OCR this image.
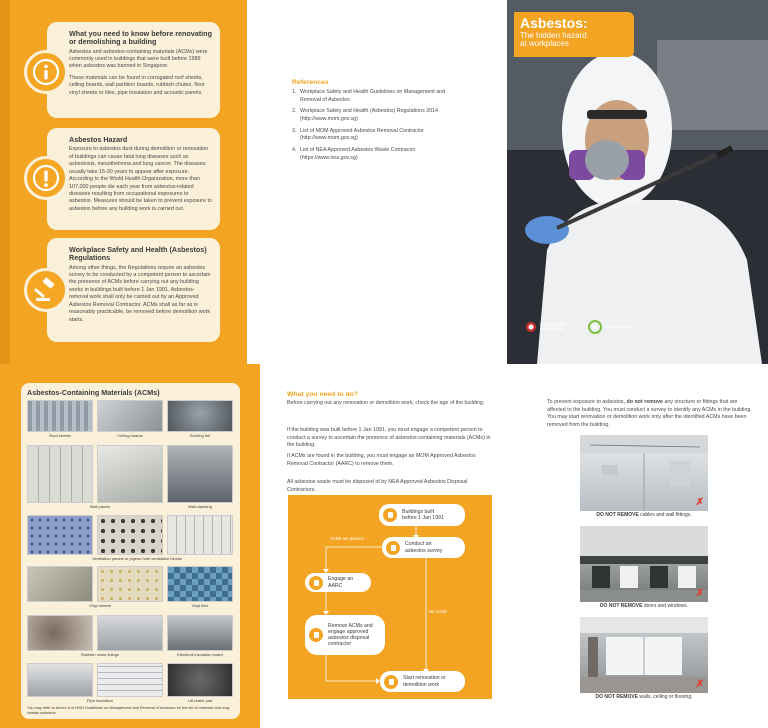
What you need to know before renovating or demolishing a building

Asbestos and asbestos-containing materials (ACMs) were commonly used in buildings that were built before 1989 when asbestos was banned in Singapore.

These materials can be found in corrugated roof sheets, ceiling boards, wall partition boards, rubbish chutes, floor vinyl sheets or tiles, pipe insulation and acoustic panels.

Asbestos Hazard

Exposure to asbestos dust during demolition or renovation of buildings can cause fatal lung diseases such as asbestosis, mesothelioma and lung cancer. The diseases usually take 15-30 years to appear after exposure. According to the World Health Organization, more than 107,000 people die each year from asbestos-related diseases resulting from occupational exposures to asbestos. Measures should be taken to prevent exposure to asbestos before any building work is carried out.

Workplace Safety and Health (Asbestos) Regulations

Among other things, the Regulations require an asbestos survey to be conducted by a competent person to ascertain the presence of ACMs before carrying out any building works in buildings built before 1 Jan 1991. Asbestos-removal work shall only be carried out by an Approved Asbestos Removal Contractor. ACMs shall as far as is reasonably practicable, be removed before demolition work starts.

References
1. Workplace Safety and Health Guidelines on Management and Removal of Asbestos
2. Workplace Safety and Health (Asbestos) Regulations 2014 (http://www.mom.gov.sg)
3. List of MOM Approved Asbestos Removal Contractor (http://www.mom.gov.sg)
4. List of NEA Approved Asbestos Waste Contractor (https://www.nea.gov.sg)
Asbestos:
The hidden hazard
at workplaces
MINISTRY OF
MANPOWER	WSHCOUNCIL
Asbestos-Containing Materials (ACMs)
Roof sheets	Ceiling boards	Roofing felt
Wall panels	Wall cladding
Ventilation panels or pigeon hole ventilation blocks
Vinyl sheets	Vinyl tiles
Rubbish chute linings	Electrical insulation board
Pipe insulation	Lift brake pad
You may refer to Annex A of WSH Guidelines on Management and Removal of Asbestos for the list of materials that may contain asbestos.
What you need to do?

Before carrying out any renovation or demolition work, check the age of the building.

If the building was built before 1 Jan 1991, you must engage a competent person to conduct a survey to ascertain the presence of asbestos-containing materials (ACMs) in the building.

If ACMs are found in the building, you must engage an MOM Approved Asbestos Removal Contractor (AARC) to remove them.

All asbestos waste must be disposed of by NEA Approved Asbestos Disposal Contractors.

Buildings built
before 1 Jan 1991
Conduct an
asbestos survey
ACMs are present
Engage an AARC
No ACMs
Remove ACMs and
engage approved
asbestos disposal
contractor
Start renovation or
demolition work

To prevent exposure to asbestos, do not remove any structure or fittings that are affected to the building. You must conduct a survey to identify any ACMs in the building. You may start renovation or demolition work only after the identified ACMs have been removed from the building.

✗
DO NOT REMOVE cables and wall fittings.
✗
DO NOT REMOVE doors and windows.
✗
DO NOT REMOVE walls, ceiling or flooring.
